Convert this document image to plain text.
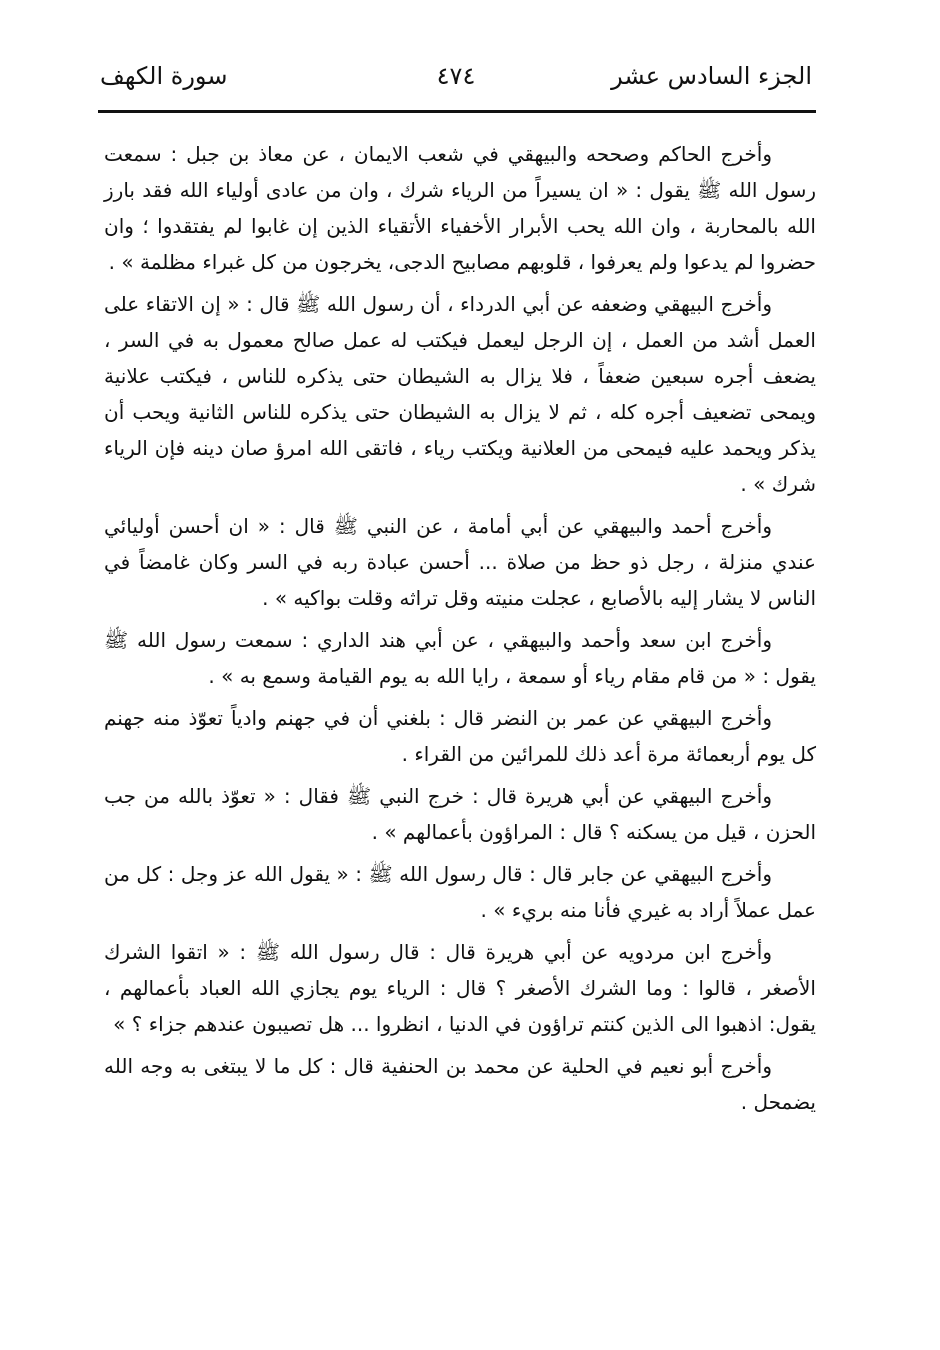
الجزء السادس عشر
٤٧٤
سورة الكهف

وأخرج الحاكم وصححه والبيهقي في شعب الايمان ، عن معاذ بن جبل : سمعت رسول الله ﷺ يقول : « ان يسيراً من الرياء شرك ، وان من عادى أولياء الله فقد بارز الله بالمحاربة ، وان الله يحب الأبرار الأخفياء الأتقياء الذين إن غابوا لم يفتقدوا ؛ وان حضروا لم يدعوا ولم يعرفوا ، قلوبهم مصابيح الدجى، يخرجون من كل غبراء مظلمة » .

وأخرج البيهقي وضعفه عن أبي الدرداء ، أن رسول الله ﷺ قال : « إن الاتقاء على العمل أشد من العمل ، إن الرجل ليعمل فيكتب له عمل صالح معمول به في السر ، يضعف أجره سبعين ضعفاً ، فلا يزال به الشيطان حتى يذكره للناس ، فيكتب علانية ويمحى تضعيف أجره كله ، ثم لا يزال به الشيطان حتى يذكره للناس الثانية ويحب أن يذكر ويحمد عليه فيمحى من العلانية ويكتب رياء ، فاتقى الله امرؤ صان دينه فإن الرياء شرك » .

وأخرج أحمد والبيهقي عن أبي أمامة ، عن النبي ﷺ قال : « ان أحسن أوليائي عندي منزلة ، رجل ذو حظ من صلاة ... أحسن عبادة ربه في السر وكان غامضاً في الناس لا يشار إليه بالأصابع ، عجلت منيته وقل تراثه وقلت بواكيه » .

وأخرج ابن سعد وأحمد والبيهقي ، عن أبي هند الداري : سمعت رسول الله ﷺ يقول : « من قام مقام رياء أو سمعة ، رايا الله به يوم القيامة وسمع به » .

وأخرج البيهقي عن عمر بن النضر قال : بلغني أن في جهنم وادياً تعوّذ منه جهنم كل يوم أربعمائة مرة أعد ذلك للمرائين من القراء .

وأخرج البيهقي عن أبي هريرة قال : خرج النبي ﷺ فقال : « تعوّذ بالله من جب الحزن ، قيل من يسكنه ؟ قال : المراؤون بأعمالهم » .

وأخرج البيهقي عن جابر قال : قال رسول الله ﷺ : « يقول الله عز وجل : كل من عمل عملاً أراد به غيري فأنا منه بريء » .

وأخرج ابن مردويه عن أبي هريرة قال : قال رسول الله ﷺ : « اتقوا الشرك الأصغر ، قالوا : وما الشرك الأصغر ؟ قال : الرياء يوم يجازي الله العباد بأعمالهم ، يقول: اذهبوا الى الذين كنتم تراؤون في الدنيا ، انظروا ... هل تصيبون عندهم جزاء ؟ »

وأخرج أبو نعيم في الحلية عن محمد بن الحنفية قال : كل ما لا يبتغى به وجه الله يضمحل .
